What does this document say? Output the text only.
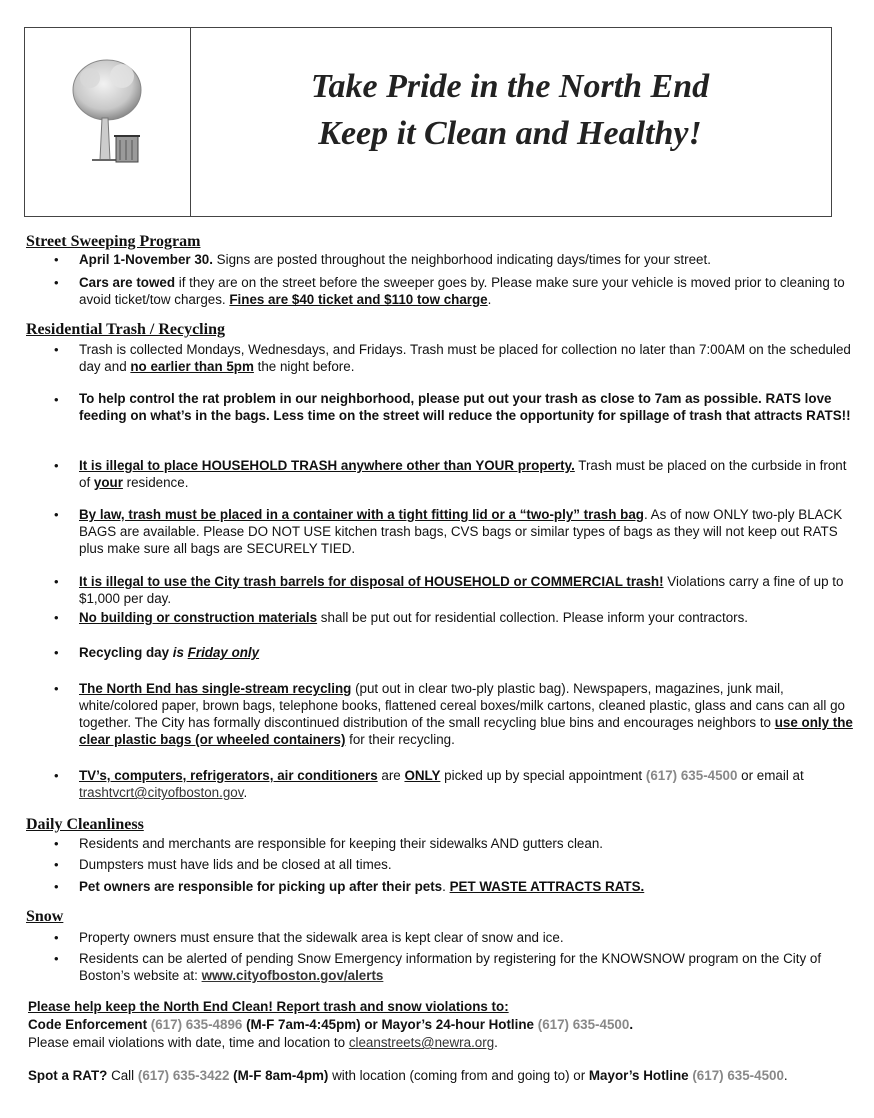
Take Pride in the North End
Keep it Clean and Healthy!
Street Sweeping Program
• April 1-November 30. Signs are posted throughout the neighborhood indicating days/times for your street.
• Cars are towed if they are on the street before the sweeper goes by. Please make sure your vehicle is moved prior to cleaning to avoid ticket/tow charges. Fines are $40 ticket and $110 tow charge.
Residential Trash / Recycling
• Trash is collected Mondays, Wednesdays, and Fridays. Trash must be placed for collection no later than 7:00AM on the scheduled day and no earlier than 5pm the night before.
• To help control the rat problem in our neighborhood, please put out your trash as close to 7am as possible. RATS love feeding on what’s in the bags. Less time on the street will reduce the opportunity for spillage of trash that attracts RATS!!
• It is illegal to place HOUSEHOLD TRASH anywhere other than YOUR property. Trash must be placed on the curbside in front of your residence.
• By law, trash must be placed in a container with a tight fitting lid or a “two-ply” trash bag. As of now ONLY two-ply BLACK BAGS are available. Please DO NOT USE kitchen trash bags, CVS bags or similar types of bags as they will not keep out RATS plus make sure all bags are SECURELY TIED.
• It is illegal to use the City trash barrels for disposal of HOUSEHOLD or COMMERCIAL trash! Violations carry a fine of up to $1,000 per day.
• No building or construction materials shall be put out for residential collection. Please inform your contractors.
• Recycling day is Friday only
• The North End has single-stream recycling (put out in clear two-ply plastic bag). Newspapers, magazines, junk mail, white/colored paper, brown bags, telephone books, flattened cereal boxes/milk cartons, cleaned plastic, glass and cans can all go together. The City has formally discontinued distribution of the small recycling blue bins and encourages neighbors to use only the clear plastic bags (or wheeled containers) for their recycling.
• TV’s, computers, refrigerators, air conditioners are ONLY picked up by special appointment (617) 635-4500 or email at trashtvcrt@cityofboston.gov.
Daily Cleanliness
• Residents and merchants are responsible for keeping their sidewalks AND gutters clean.
• Dumpsters must have lids and be closed at all times.
• Pet owners are responsible for picking up after their pets. PET WASTE ATTRACTS RATS.
Snow
• Property owners must ensure that the sidewalk area is kept clear of snow and ice.
• Residents can be alerted of pending Snow Emergency information by registering for the KNOWSNOW program on the City of Boston’s website at: www.cityofboston.gov/alerts
Please help keep the North End Clean! Report trash and snow violations to:
Code Enforcement (617) 635-4896 (M-F 7am-4:45pm) or Mayor’s 24-hour Hotline (617) 635-4500.
Please email violations with date, time and location to cleanstreets@newra.org.
Spot a RAT? Call (617) 635-3422 (M-F 8am-4pm) with location (coming from and going to) or Mayor’s Hotline (617) 635-4500.
